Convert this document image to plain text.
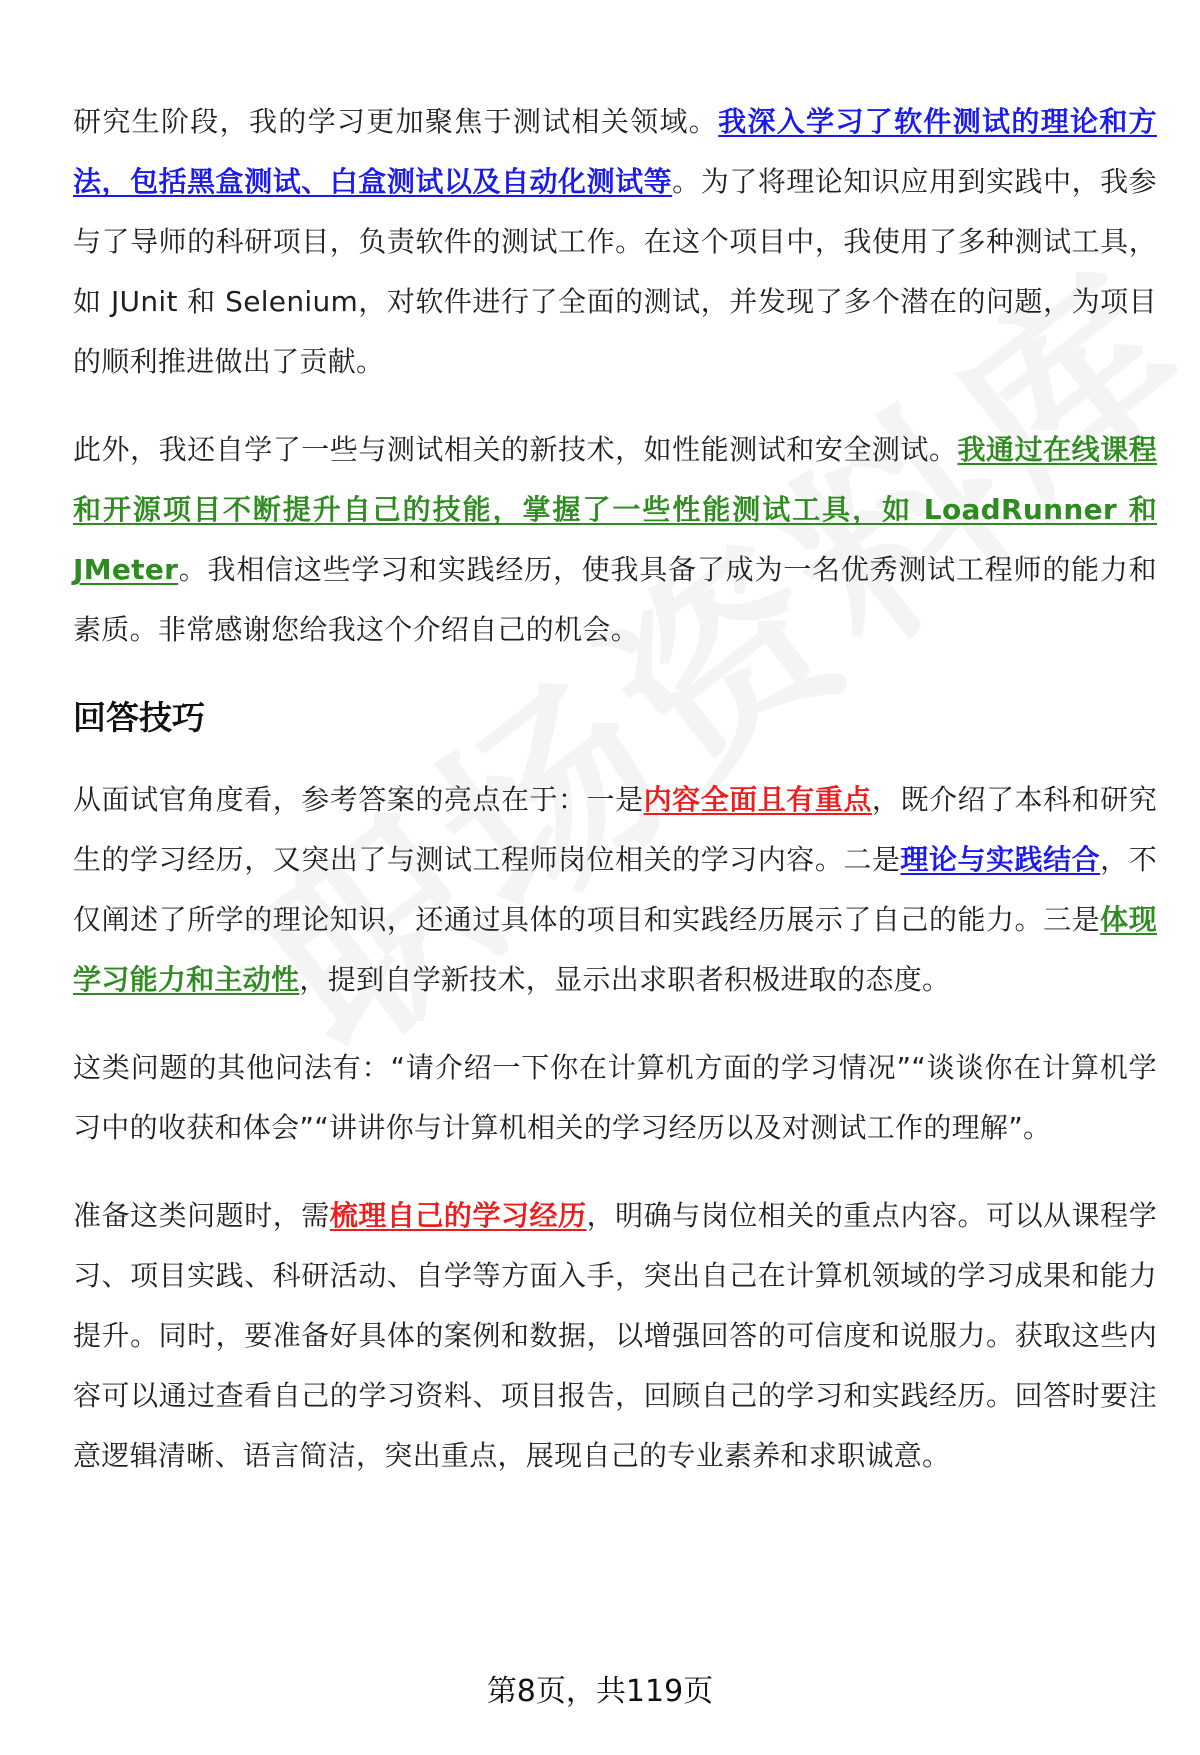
研究生阶段，我的学习更加聚焦于测试相关领域。我深入学习了软件测试的理论和方法，包括黑盒测试、白盒测试以及自动化测试等。为了将理论知识应用到实践中，我参与了导师的科研项目，负责软件的测试工作。在这个项目中，我使用了多种测试工具，如 JUnit 和 Selenium，对软件进行了全面的测试，并发现了多个潜在的问题，为项目的顺利推进做出了贡献。

此外，我还自学了一些与测试相关的新技术，如性能测试和安全测试。我通过在线课程和开源项目不断提升自己的技能，掌握了一些性能测试工具，如 LoadRunner 和 JMeter。我相信这些学习和实践经历，使我具备了成为一名优秀测试工程师的能力和素质。非常感谢您给我这个介绍自己的机会。

回答技巧

从面试官角度看，参考答案的亮点在于：一是内容全面且有重点，既介绍了本科和研究生的学习经历，又突出了与测试工程师岗位相关的学习内容。二是理论与实践结合，不仅阐述了所学的理论知识，还通过具体的项目和实践经历展示了自己的能力。三是体现学习能力和主动性，提到自学新技术，显示出求职者积极进取的态度。

这类问题的其他问法有：“请介绍一下你在计算机方面的学习情况”“谈谈你在计算机学习中的收获和体会”“讲讲你与计算机相关的学习经历以及对测试工作的理解”。

准备这类问题时，需梳理自己的学习经历，明确与岗位相关的重点内容。可以从课程学习、项目实践、科研活动、自学等方面入手，突出自己在计算机领域的学习成果和能力提升。同时，要准备好具体的案例和数据，以增强回答的可信度和说服力。获取这些内容可以通过查看自己的学习资料、项目报告，回顾自己的学习和实践经历。回答时要注意逻辑清晰、语言简洁，突出重点，展现自己的专业素养和求职诚意。

第8页，共119页
